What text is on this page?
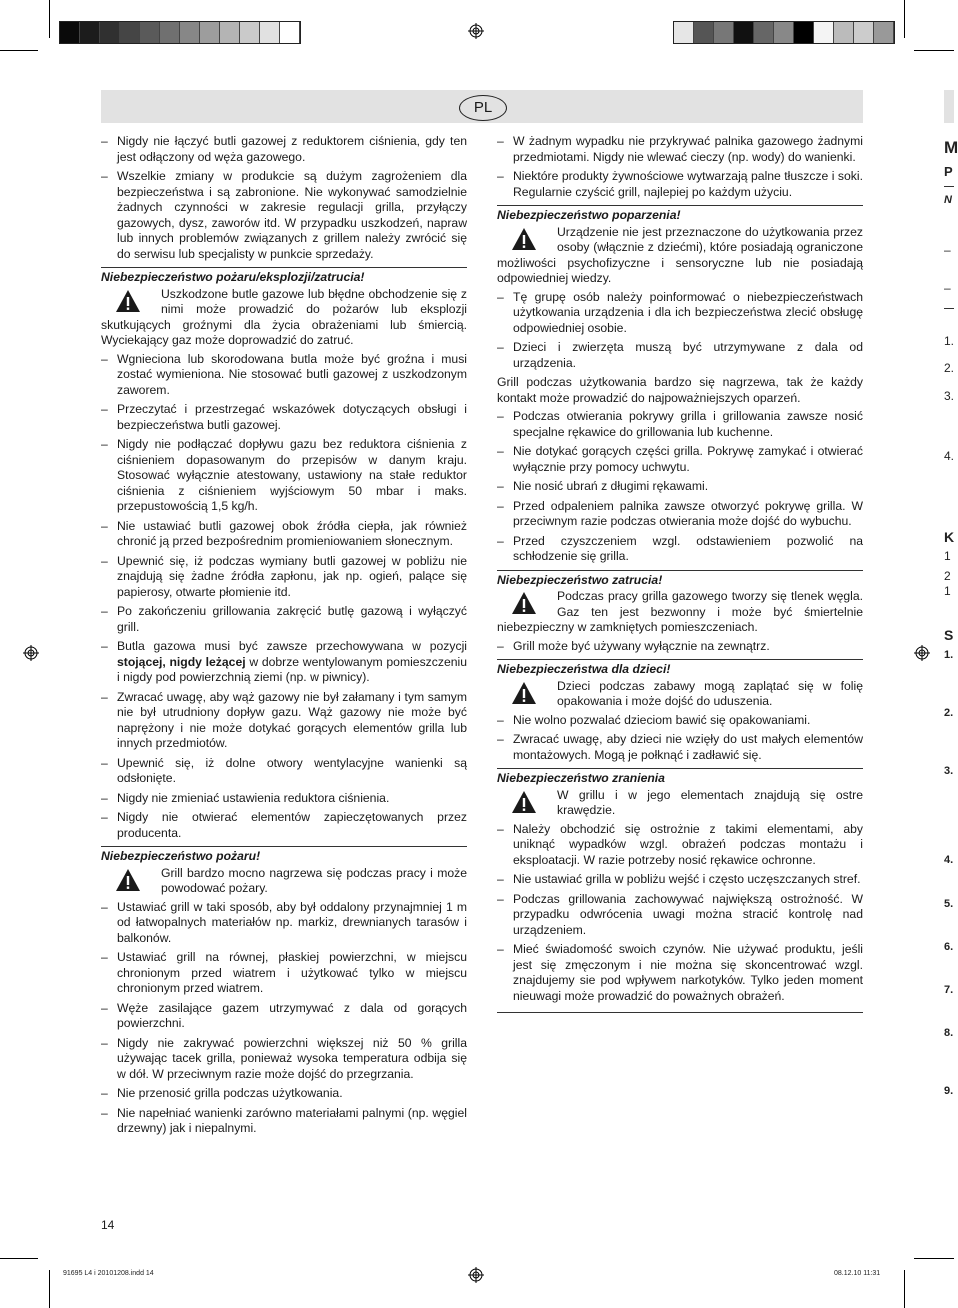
PL
– Nigdy nie łączyć butli gazowej z reduktorem ciśnienia, gdy ten jest odłączony od węża gazowego.
– Wszelkie zmiany w produkcie są dużym zagrożeniem dla bezpieczeństwa i są zabronione. Nie wykonywać samodzielnie żadnych czynności w zakresie regulacji grilla, przyłączy gazowych, dysz, zaworów itd. W przypadku uszkodzeń, napraw lub innych problemów związanych z grillem należy zwrócić się do serwisu lub specjalisty w punkcie sprzedaży.
Niebezpieczeństwo pożaru/eksplozji/zatrucia!
Uszkodzone butle gazowe lub błędne obchodzenie się z nimi może prowadzić do pożarów lub eksplozji skutkujących groźnymi dla życia obrażeniami lub śmiercią. Wyciekający gaz może doprowadzić do zatruć.
– Wgnieciona lub skorodowana butla może być groźna i musi zostać wymieniona. Nie stosować butli gazowej z uszkodzonym zaworem.
– Przeczytać i przestrzegać wskazówek dotyczących obsługi i bezpieczeństwa butli gazowej.
– Nigdy nie podłączać dopływu gazu bez reduktora ciśnienia z ciśnieniem dopasowanym do przepisów w danym kraju. Stosować wyłącznie atestowany, ustawiony na stałe reduktor ciśnienia z ciśnieniem wyjściowym 50 mbar i maks. przepustowością 1,5 kg/h.
– Nie ustawiać butli gazowej obok źródła ciepła, jak również chronić ją przed bezpośrednim promieniowaniem słonecznym.
– Upewnić się, iż podczas wymiany butli gazowej w pobliżu nie znajdują się żadne źródła zapłonu, jak np. ogień, palące się papierosy, otwarte płomienie itd.
– Po zakończeniu grillowania zakręcić butlę gazową i wyłączyć grill.
– Butla gazowa musi być zawsze przechowywana w pozycji stojącej, nigdy leżącej w dobrze wentylowanym pomieszczeniu i nigdy pod powierzchnią ziemi (np. w piwnicy).
– Zwracać uwagę, aby wąż gazowy nie był załamany i tym samym nie był utrudniony dopływ gazu. Wąż gazowy nie może być naprężony i nie może dotykać gorących elementów grilla lub innych przedmiotów.
– Upewnić się, iż dolne otwory wentylacyjne wanienki są odsłonięte.
– Nigdy nie zmieniać ustawienia reduktora ciśnienia.
– Nigdy nie otwierać elementów zapieczętowanych przez producenta.
Niebezpieczeństwo pożaru!
Grill bardzo mocno nagrzewa się podczas pracy i może powodować pożary.
– Ustawiać grill w taki sposób, aby był oddalony przynajmniej 1 m od łatwopalnych materiałów np. markiz, drewnianych tarasów i balkonów.
– Ustawiać grill na równej, płaskiej powierzchni, w miejscu chronionym przed wiatrem i użytkować tylko w miejscu chronionym przed wiatrem.
– Węże zasilające gazem utrzymywać z dala od gorących powierzchni.
– Nigdy nie zakrywać powierzchni większej niż 50 % grilla używając tacek grilla, ponieważ wysoka temperatura odbija się w dół. W przeciwnym razie może dojść do przegrzania.
– Nie przenosić grilla podczas użytkowania.
– Nie napełniać wanienki zarówno materiałami palnymi (np. węgiel drzewny) jak i niepalnymi.
– W żadnym wypadku nie przykrywać palnika gazowego żadnymi przedmiotami. Nigdy nie wlewać cieczy (np. wody) do wanienki.
– Niektóre produkty żywnościowe wytwarzają palne tłuszcze i soki. Regularnie czyścić grill, najlepiej po każdym użyciu.
Niebezpieczeństwo poparzenia!
Urządzenie nie jest przeznaczone do użytkowania przez osoby (włącznie z dziećmi), które posiadają ograniczone możliwości psychofizyczne i sensoryczne lub nie posiadają odpowiedniej wiedzy.
– Tę grupę osób należy poinformować o niebezpieczeństwach użytkowania urządzenia i dla ich bezpieczeństwa zlecić obsługę odpowiedniej osobie.
– Dzieci i zwierzęta muszą być utrzymywane z dala od urządzenia.
Grill podczas użytkowania bardzo się nagrzewa, tak że każdy kontakt może prowadzić do najpoważniejszych oparzeń.
– Podczas otwierania pokrywy grilla i grillowania zawsze nosić specjalne rękawice do grillowania lub kuchenne.
– Nie dotykać gorących części grilla. Pokrywę zamykać i otwierać wyłącznie przy pomocy uchwytu.
– Nie nosić ubrań z długimi rękawami.
– Przed odpaleniem palnika zawsze otworzyć pokrywę grilla. W przeciwnym razie podczas otwierania może dojść do wybuchu.
– Przed czyszczeniem wzgl. odstawieniem pozwolić na schłodzenie się grilla.
Niebezpieczeństwo zatrucia!
Podczas pracy grilla gazowego tworzy się tlenek węgla. Gaz ten jest bezwonny i może być śmiertelnie niebezpieczny w zamkniętych pomieszczeniach.
– Grill może być używany wyłącznie na zewnątrz.
Niebezpieczeństwa dla dzieci!
Dzieci podczas zabawy mogą zaplątać się w folię opakowania i może dojść do uduszenia.
– Nie wolno pozwalać dzieciom bawić się opakowaniami.
– Zwracać uwagę, aby dzieci nie wzięły do ust małych elementów montażowych. Mogą je połknąć i zadławić się.
Niebezpieczeństwo zranienia
W grillu i w jego elementach znajdują się ostre krawędzie.
– Należy obchodzić się ostrożnie z takimi elementami, aby uniknąć wypadków wzgl. obrażeń podczas montażu i eksploatacji. W razie potrzeby nosić rękawice ochronne.
– Nie ustawiać grilla w pobliżu wejść i często uczęszczanych stref.
– Podczas grillowania zachowywać największą ostrożność. W przypadku odwrócenia uwagi można stracić kontrolę nad urządzeniem.
– Mieć świadomość swoich czynów. Nie używać produktu, jeśli jest się zmęczonym i nie można się skoncentrować wzgl. znajdujemy sie pod wpływem narkotyków. Tylko jeden moment nieuwagi może prowadzić do poważnych obrażeń.
M
P
N
–
–
1.
2.
3.
4.
K
1
2
1
S
1.
2.
3.
4.
5.
6.
7.
8.
9.
14
91695 L4 i 20101208.indd 14	08.12.10 11:31
